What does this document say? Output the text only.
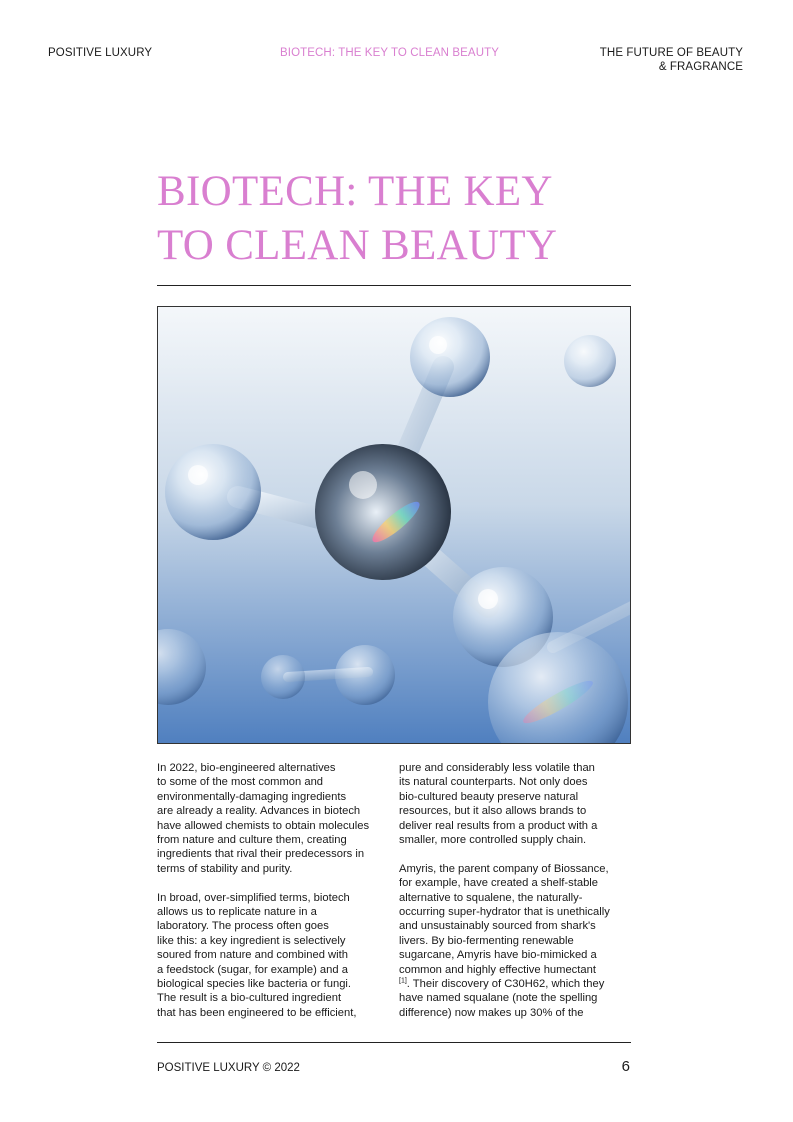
POSITIVE LUXURY	BIOTECH: THE KEY TO CLEAN BEAUTY	THE FUTURE OF BEAUTY
& FRAGRANCE
BIOTECH: THE KEY
TO CLEAN BEAUTY

In 2022, bio-engineered alternatives
to some of the most common and
environmentally-damaging ingredients
are already a reality. Advances in biotech
have allowed chemists to obtain molecules
from nature and culture them, creating
ingredients that rival their predecessors in
terms of stability and purity.

In broad, over-simplified terms, biotech
allows us to replicate nature in a
laboratory. The process often goes
like this: a key ingredient is selectively
soured from nature and combined with
a feedstock (sugar, for example) and a
biological species like bacteria or fungi.
The result is a bio-cultured ingredient
that has been engineered to be efficient,

pure and considerably less volatile than
its natural counterparts. Not only does
bio-cultured beauty preserve natural
resources, but it also allows brands to
deliver real results from a product with a
smaller, more controlled supply chain.

Amyris, the parent company of Biossance,
for example, have created a shelf-stable
alternative to squalene, the naturally-
occurring super-hydrator that is unethically
and unsustainably sourced from shark's
livers. By bio-fermenting renewable
sugarcane, Amyris have bio-mimicked a
common and highly effective humectant
[1]. Their discovery of C30H62, which they
have named squalane (note the spelling
difference) now makes up 30% of the

POSITIVE LUXURY © 2022	6
